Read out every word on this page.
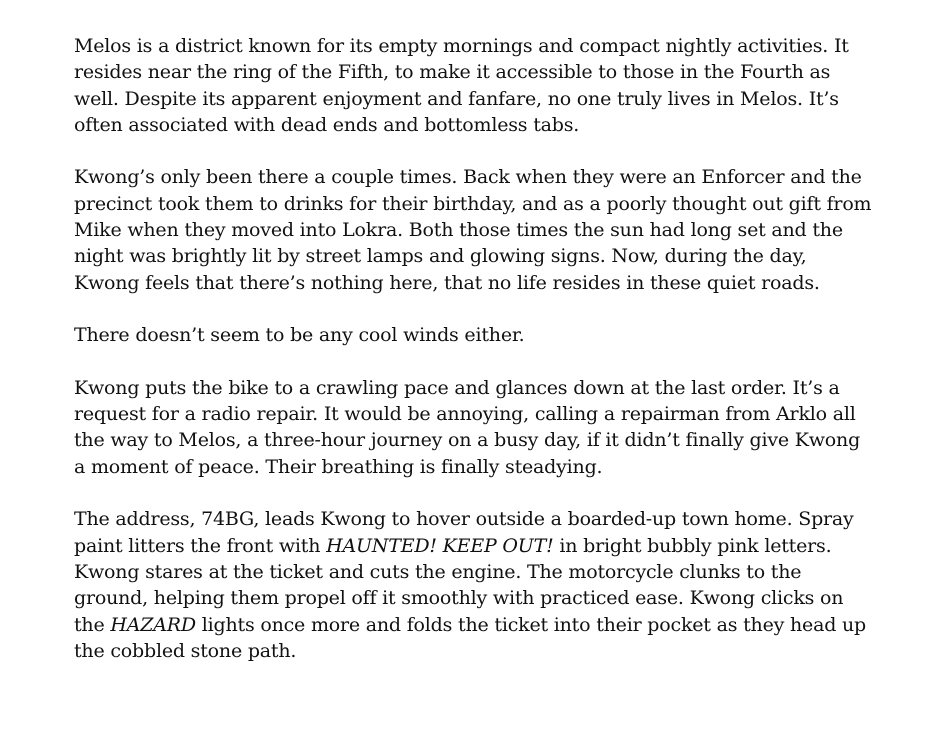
Melos is a district known for its empty mornings and compact nightly activities. It resides near the ring of the Fifth, to make it accessible to those in the Fourth as well. Despite its apparent enjoyment and fanfare, no one truly lives in Melos. It’s often associated with dead ends and bottomless tabs.

Kwong’s only been there a couple times. Back when they were an Enforcer and the precinct took them to drinks for their birthday, and as a poorly thought out gift from Mike when they moved into Lokra. Both those times the sun had long set and the night was brightly lit by street lamps and glowing signs. Now, during the day, Kwong feels that there’s nothing here, that no life resides in these quiet roads.

There doesn’t seem to be any cool winds either.

Kwong puts the bike to a crawling pace and glances down at the last order. It’s a request for a radio repair. It would be annoying, calling a repairman from Arklo all the way to Melos, a three-hour journey on a busy day, if it didn’t finally give Kwong a moment of peace. Their breathing is finally steadying.

The address, 74BG, leads Kwong to hover outside a boarded-up town home. Spray paint litters the front with HAUNTED! KEEP OUT! in bright bubbly pink letters. Kwong stares at the ticket and cuts the engine. The motorcycle clunks to the ground, helping them propel off it smoothly with practiced ease. Kwong clicks on the HAZARD lights once more and folds the ticket into their pocket as they head up the cobbled stone path.
